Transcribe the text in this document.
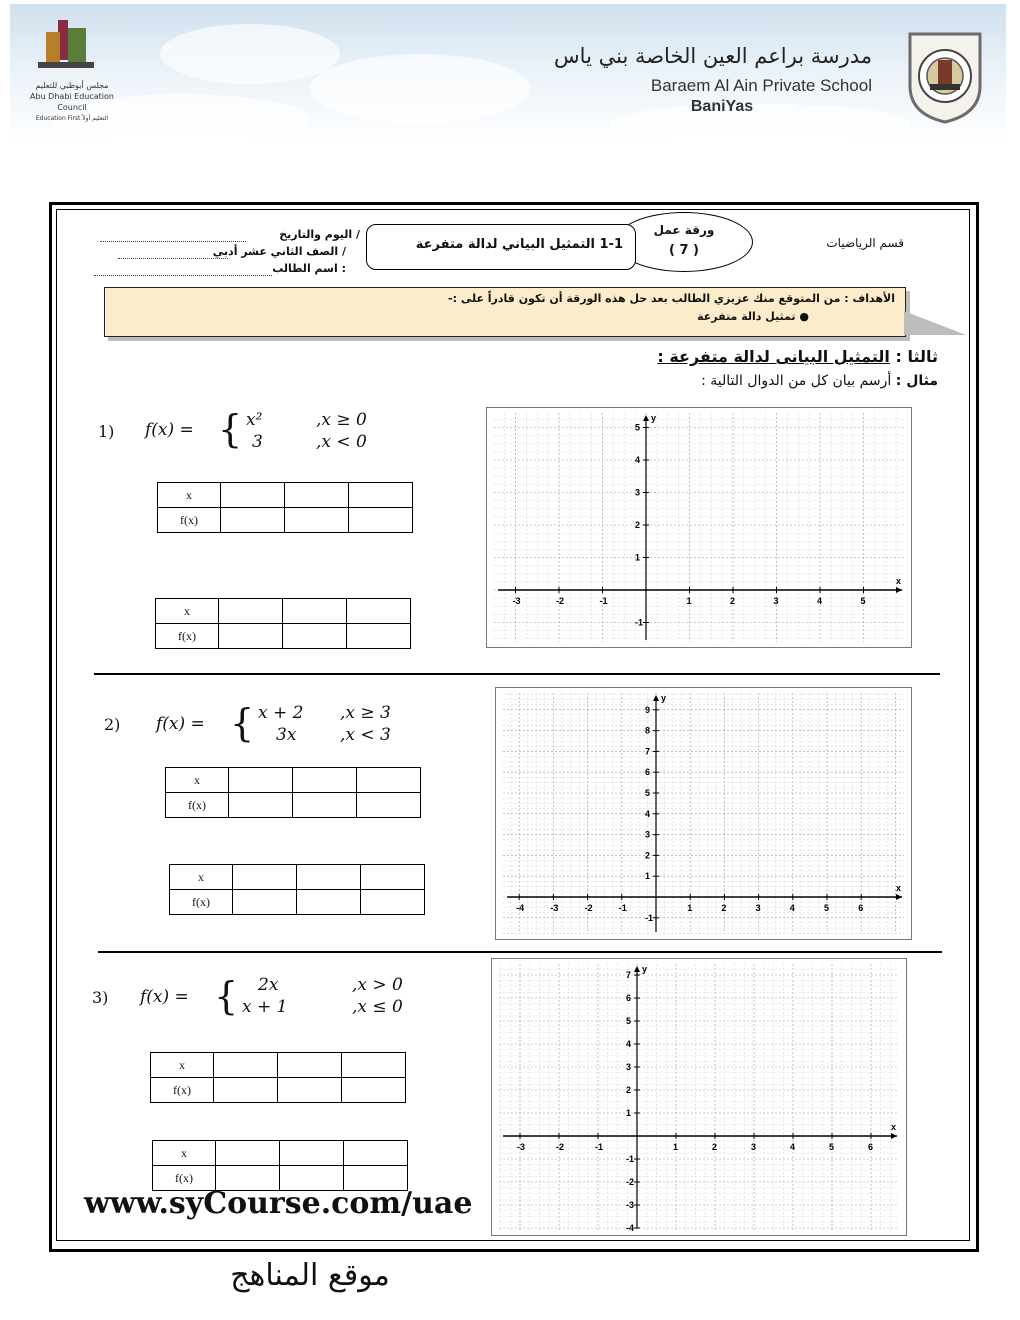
مجلس أبوظبي للتعليم
Abu Dhabi Education Council
Education First التعليم أولاً
مدرسة براعم العين الخاصة بني ياس
Baraem Al Ain Private School
BaniYas
قسم الرياضيات
ورقة عمل
( 7 )
1-1 التمثيل البياني لدالة متفرعة
اليوم والتاريخ /
الصف الثاني عشر أدبي /
اسم الطالب :
الأهداف : من المتوقع منك عزيزي الطالب بعد حل هذه الورقة أن تكون قادراً على :-
● تمثيل دالة متفرعة
ثالثا : التمثيل البيانى لدالة متفرعة :
مثال : أرسم بيان كل من الدوال التالية :
1) f(x) = { x²	,x ≥ 0
3	,x < 0
x			
f(x)			
x			
f(x)			
x
y
-3	-2	-1	1	2	3	4	5
5
4
3
2
1
-1
2) f(x) = { x + 2 ,x ≥ 3
3x	,x < 3
x			
f(x)			
x			
f(x)			
x
y
-4	-3	-2	-1	1	2	3	4	5	6
9
8
7
6
5
4
3
2
1
-1
3) f(x) = { 2x	,x > 0
x + 1	,x ≤ 0
x			
f(x)			
x			
f(x)			
x
y
-3	-2	-1	1	2	3	4	5	6
7
6
5
4
3
2
1
-1
-2
-3
-4
www.syCourse.com/uae
موقع المناهج
